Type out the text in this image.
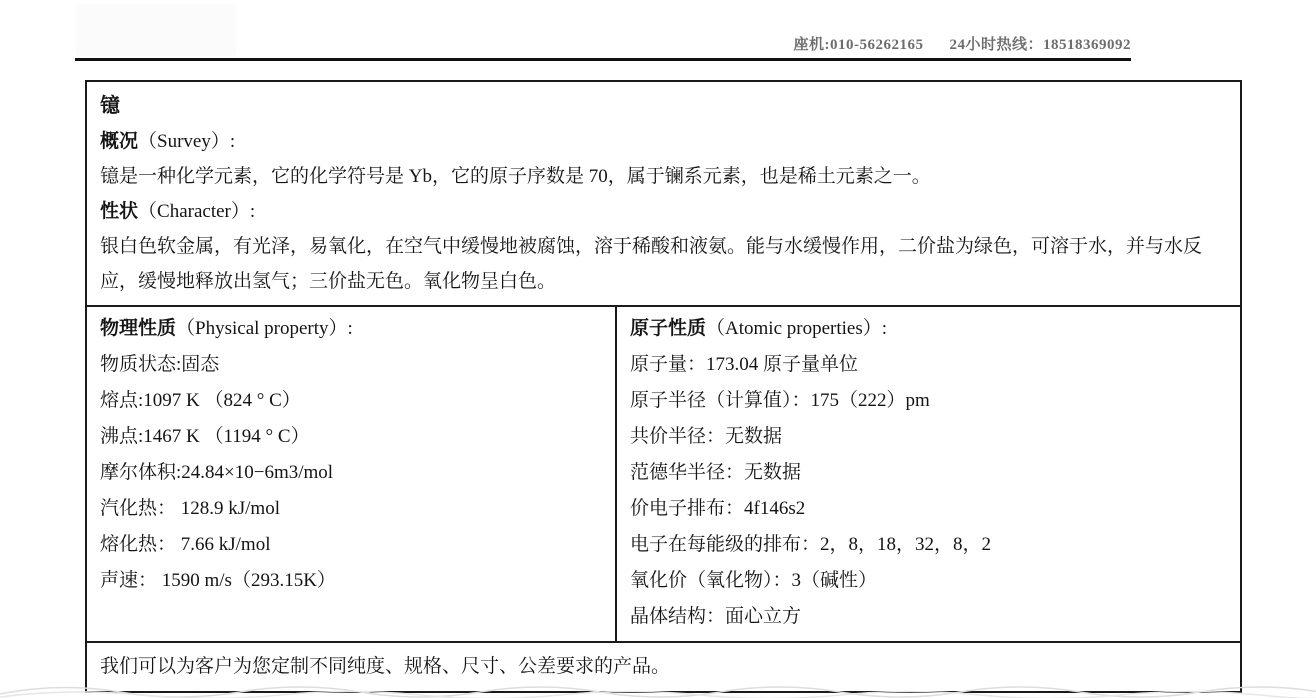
座机:010-56262165 24小时热线：18518369092
镱
概况（Survey）:
镱是一种化学元素，它的化学符号是 Yb，它的原子序数是 70，属于镧系元素，也是稀土元素之一。
性状（Character）:
银白色软金属，有光泽，易氧化，在空气中缓慢地被腐蚀，溶于稀酸和液氨。能与水缓慢作用，二价盐为绿色，可溶于水，并与水反应，缓慢地释放出氢气；三价盐无色。氧化物呈白色。
物理性质（Physical property）:
物质状态:固态
熔点:1097 K （824 ° C）
沸点:1467 K （1194 ° C）
摩尔体积:24.84×10−6m3/mol
汽化热： 128.9 kJ/mol
熔化热： 7.66 kJ/mol
声速： 1590 m/s（293.15K）
原子性质（Atomic properties）:
原子量：173.04 原子量单位
原子半径（计算值）：175（222）pm
共价半径：无数据
范德华半径：无数据
价电子排布：4f146s2
电子在每能级的排布：2，8，18，32，8，2
氧化价（氧化物）：3（碱性）
晶体结构：面心立方
我们可以为客户为您定制不同纯度、规格、尺寸、公差要求的产品。
